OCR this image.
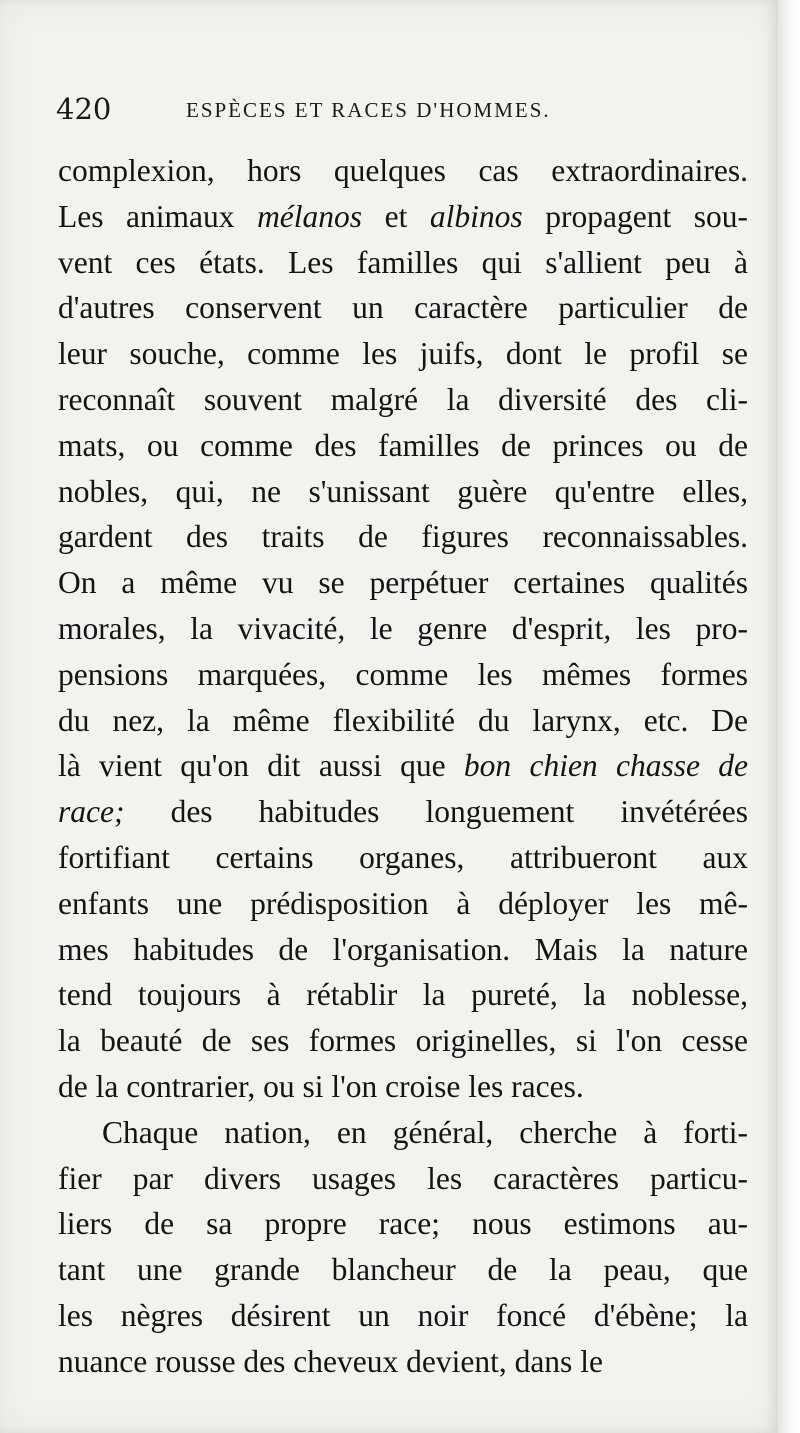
420	ESPÈCES ET RACES D'HOMMES.
complexion, hors quelques cas extraordinaires.
Les animaux mélanos et albinos propagent sou-
vent ces états. Les familles qui s'allient peu à
d'autres conservent un caractère particulier de
leur souche, comme les juifs, dont le profil se
reconnaît souvent malgré la diversité des cli-
mats, ou comme des familles de princes ou de
nobles, qui, ne s'unissant guère qu'entre elles,
gardent des traits de figures reconnaissables.
On a même vu se perpétuer certaines qualités
morales, la vivacité, le genre d'esprit, les pro-
pensions marquées, comme les mêmes formes
du nez, la même flexibilité du larynx, etc. De
là vient qu'on dit aussi que bon chien chasse de
race; des habitudes longuement invétérées
fortifiant certains organes, attribueront aux
enfants une prédisposition à déployer les mê-
mes habitudes de l'organisation. Mais la nature
tend toujours à rétablir la pureté, la noblesse,
la beauté de ses formes originelles, si l'on cesse
de la contrarier, ou si l'on croise les races.
Chaque nation, en général, cherche à forti-
fier par divers usages les caractères particu-
liers de sa propre race; nous estimons au-
tant une grande blancheur de la peau, que
les nègres désirent un noir foncé d'ébène; la
nuance rousse des cheveux devient, dans le
